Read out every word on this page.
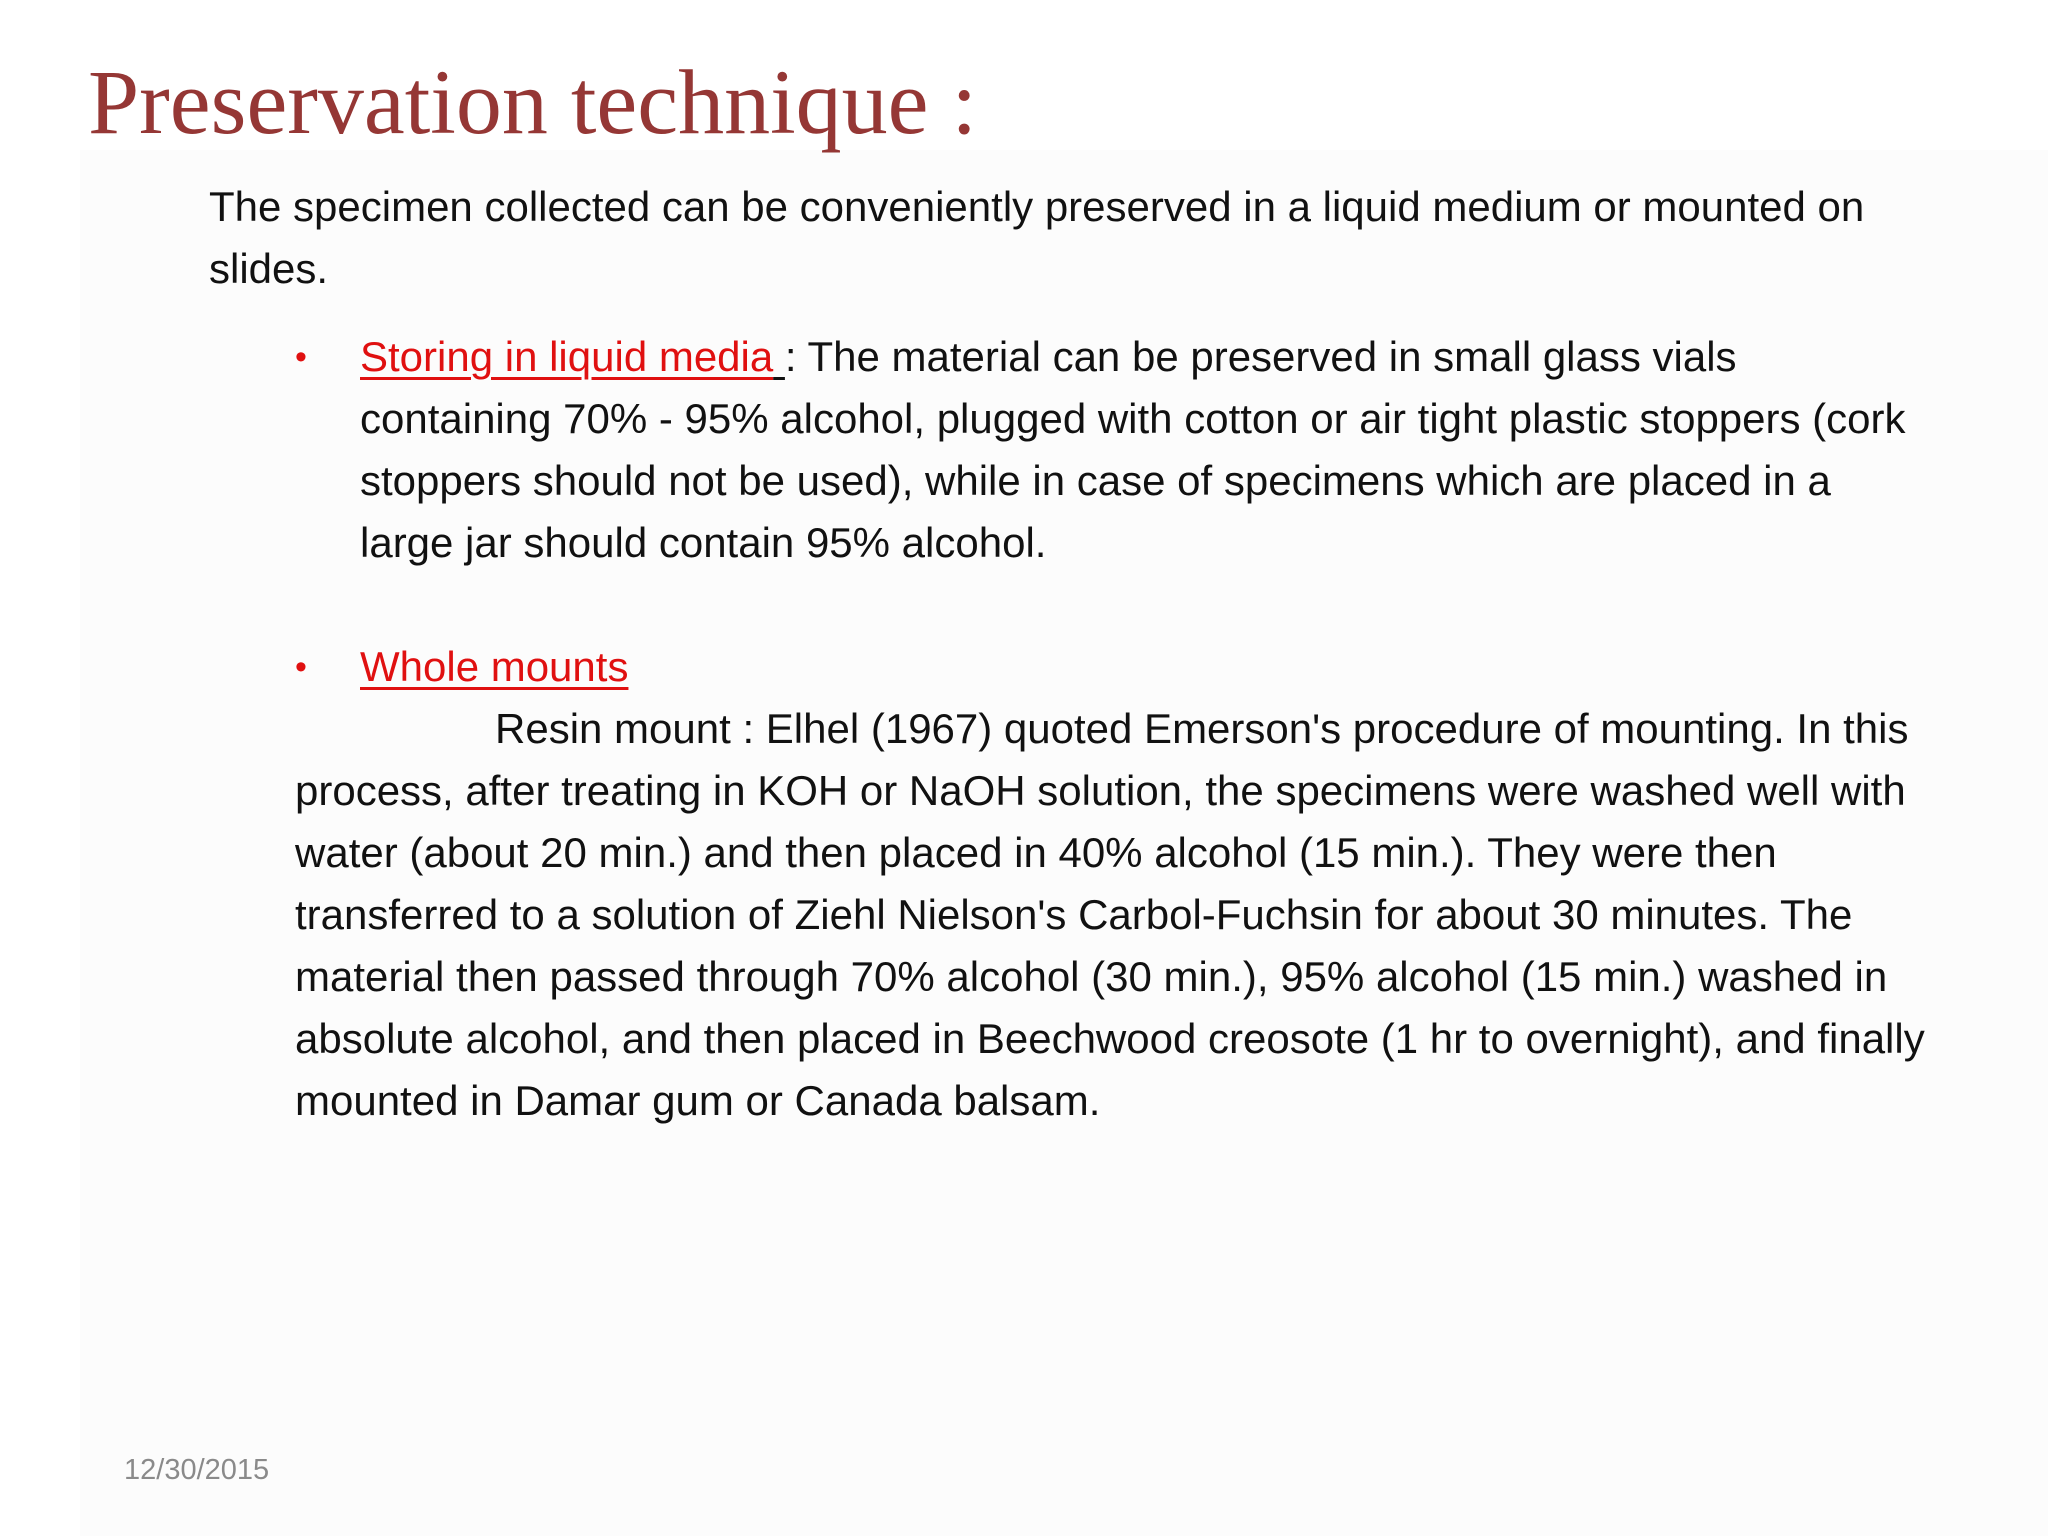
Preservation technique :

The specimen collected can be conveniently preserved in a liquid medium or mounted on slides.

•	Storing in liquid media : The material can be preserved in small glass vials containing 70% - 95% alcohol, plugged with cotton or air tight plastic stoppers (cork stoppers should not be used), while in case of specimens which are placed in a large jar should contain 95% alcohol.
•	Whole mounts

Resin mount : Elhel (1967) quoted Emerson's procedure of mounting. In this process, after treating in KOH or NaOH solution, the specimens were washed well with water (about 20 min.) and then placed in 40% alcohol (15 min.). They were then transferred to a solution of Ziehl Nielson's Carbol-Fuchsin for about 30 minutes. The material then passed through 70% alcohol (30 min.), 95% alcohol (15 min.) washed in absolute alcohol, and then placed in Beechwood creosote (1 hr to overnight), and finally mounted in Damar gum or Canada balsam.

12/30/2015
